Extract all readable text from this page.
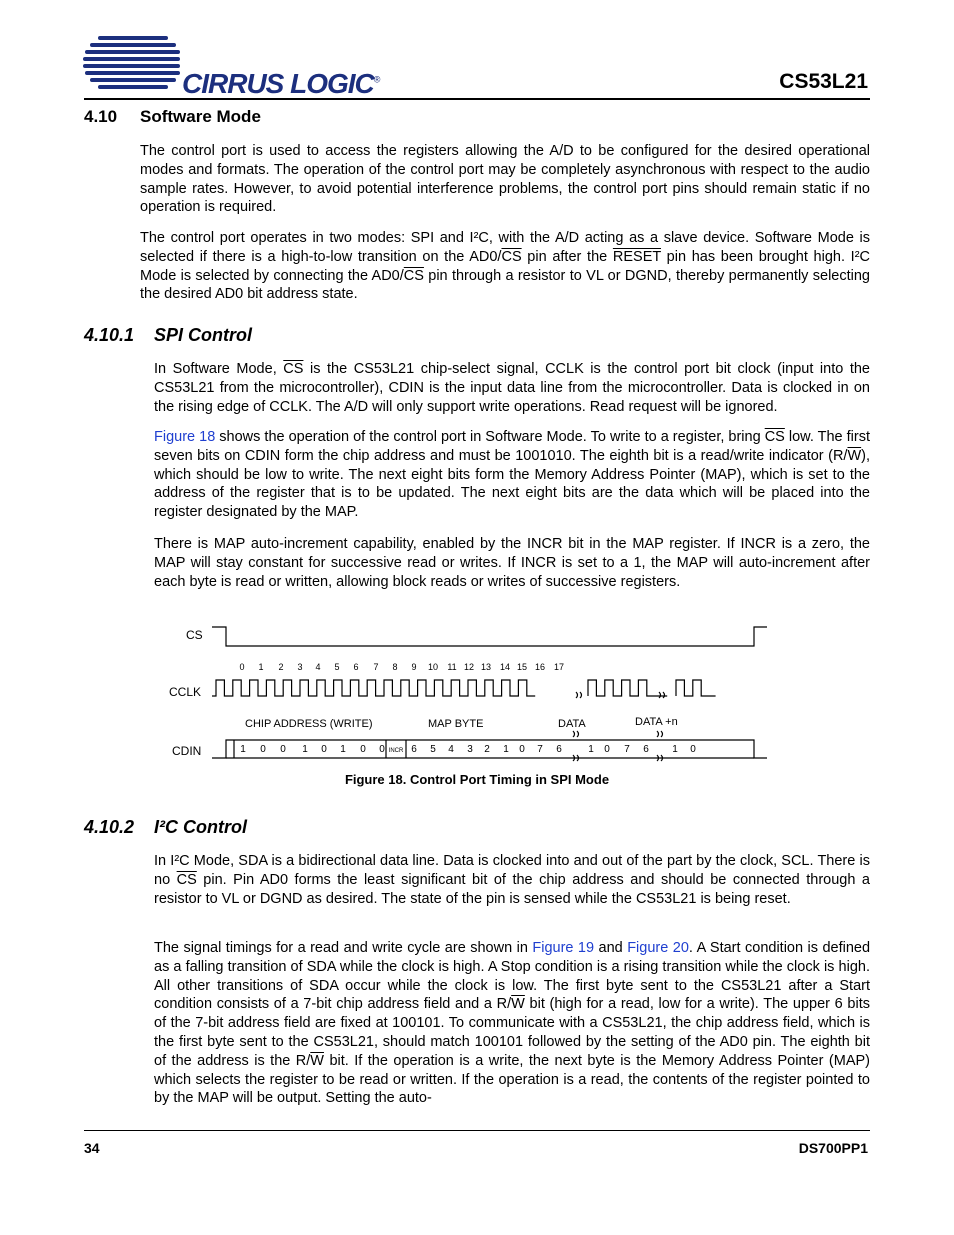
CIRRUS LOGIC®	CS53L21
4.10 Software Mode

The control port is used to access the registers allowing the A/D to be configured for the desired operational modes and formats. The operation of the control port may be completely asynchronous with respect to the audio sample rates. However, to avoid potential interference problems, the control port pins should remain static if no operation is required.

The control port operates in two modes: SPI and I²C, with the A/D acting as a slave device. Software Mode is selected if there is a high-to-low transition on the $AD0/\overline{CS}$ pin after the RESET pin has been brought high. I²C Mode is selected by connecting the $AD0/\overline{CS}$ pin through a resistor to VL or DGND, thereby permanently selecting the desired AD0 bit address state.

4.10.1 SPI Control

In Software Mode, $\overline{CS}$ is the CS53L21 chip-select signal, CCLK is the control port bit clock (input into the CS53L21 from the microcontroller), CDIN is the input data line from the microcontroller. Data is clocked in on the rising edge of CCLK. The A/D will only support write operations. Read request will be ignored.

Figure 18 shows the operation of the control port in Software Mode. To write to a register, bring $\overline{CS}$ low. The first seven bits on CDIN form the chip address and must be 1001010. The eighth bit is a read/write indicator $(R/\overline{W})$, which should be low to write. The next eight bits form the Memory Address Pointer (MAP), which is set to the address of the register that is to be updated. The next eight bits are the data which will be placed into the register designated by the MAP.

There is MAP auto-increment capability, enabled by the INCR bit in the MAP register. If INCR is a zero, the MAP will stay constant for successive read or writes. If INCR is set to a 1, the MAP will auto-increment after each byte is read or written, allowing block reads or writes of successive registers.

CS
CCLK
CDIN
0 1 2 3 4 5 6 7 8 9 10 11 12 13 14 15 16 17
CHIP ADDRESS (WRITE)	MAP BYTE	DATA	DATA +n
1 0 0 1 0 1 0 0 INCR 6 5 4 3 2 1 0 7 6	1 0 7 6 1 0
Figure 18. Control Port Timing in SPI Mode
4.10.2 I²C Control

In I²C Mode, SDA is a bidirectional data line. Data is clocked into and out of the part by the clock, SCL. There is no $\overline{CS}$ pin. Pin AD0 forms the least significant bit of the chip address and should be connected through a resistor to VL or DGND as desired. The state of the pin is sensed while the CS53L21 is being reset.

The signal timings for a read and write cycle are shown in Figure 19 and Figure 20. A Start condition is defined as a falling transition of SDA while the clock is high. A Stop condition is a rising transition while the clock is high. All other transitions of SDA occur while the clock is low. The first byte sent to the CS53L21 after a Start condition consists of a 7-bit chip address field and a $R/\overline{W}$ bit (high for a read, low for a write). The upper 6 bits of the 7-bit address field are fixed at 100101. To communicate with a CS53L21, the chip address field, which is the first byte sent to the CS53L21, should match 100101 followed by the setting of the AD0 pin. The eighth bit of the address is the $R/\overline{W}$ bit. If the operation is a write, the next byte is the Memory Address Pointer (MAP) which selects the register to be read or written. If the operation is a read, the contents of the register pointed to by the MAP will be output. Setting the auto-

34	DS700PP1
